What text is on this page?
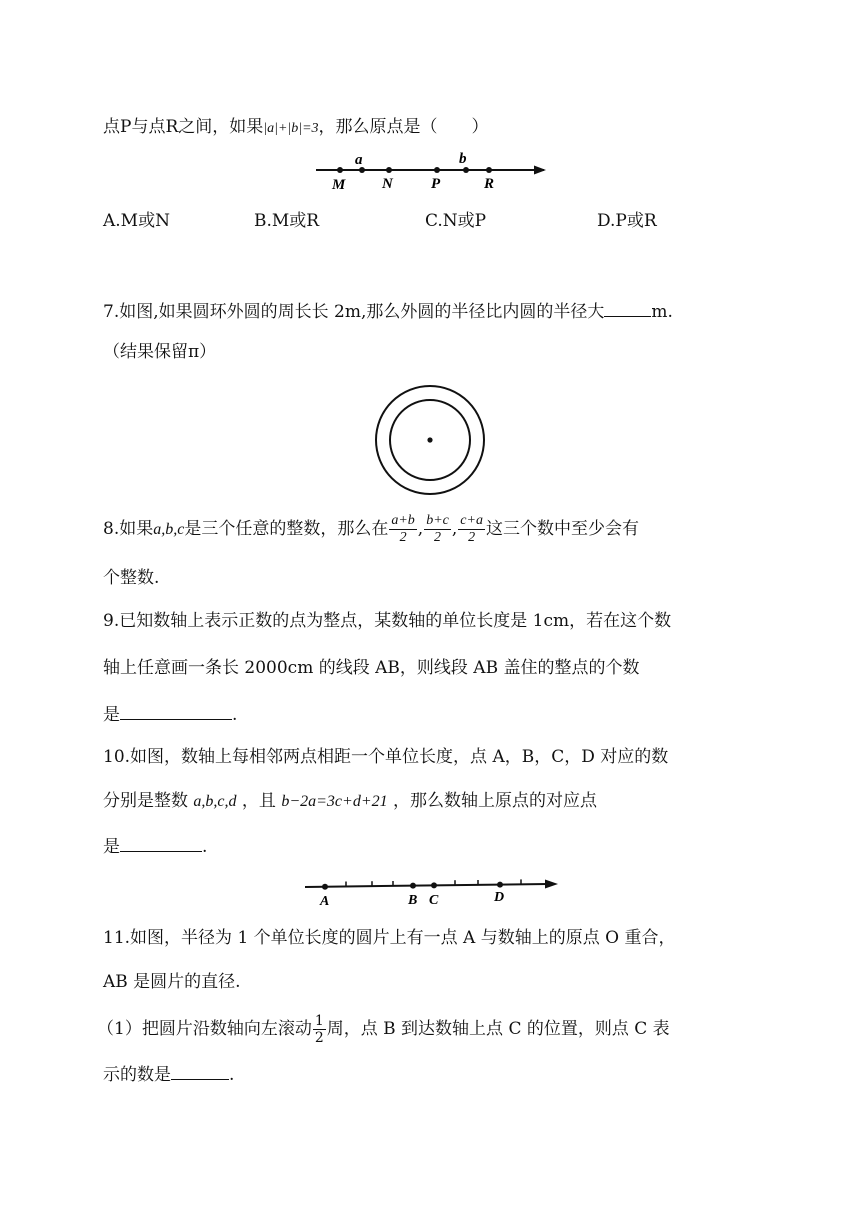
点P与点R之间，如果|a|+|b|=3，那么原点是（　　）
a	b
M N	P	R
A.M或N	B.M或R	C.N或P	D.P或R
7.如图,如果圆环外圆的周长长 2m,那么外圆的半径比内圆的半径大	m.
（结果保留π）
8.如果a,b,c是三个任意的整数，那么在 $\frac{a+b}{2}$ , $\frac{b+c}{2}$ , $\frac{c+a}{2}$ 这三个数中至少会有
个整数.
9.已知数轴上表示正数的点为整点，某数轴的单位长度是 1cm，若在这个数
轴上任意画一条长 2000cm 的线段 AB，则线段 AB 盖住的整点的个数
是	.
10.如图，数轴上每相邻两点相距一个单位长度，点 A，B，C，D 对应的数
分别是整数 a,b,c,d ，且 b−2a=3c+d+21 ，那么数轴上原点的对应点
是	.
A	B C	D
11.如图，半径为 1 个单位长度的圆片上有一点 A 与数轴上的原点 O 重合，
AB 是圆片的直径.
（1）把圆片沿数轴向左滚动 $\frac{1}{2}$ 周，点 B 到达数轴上点 C 的位置，则点 C 表
示的数是	.
